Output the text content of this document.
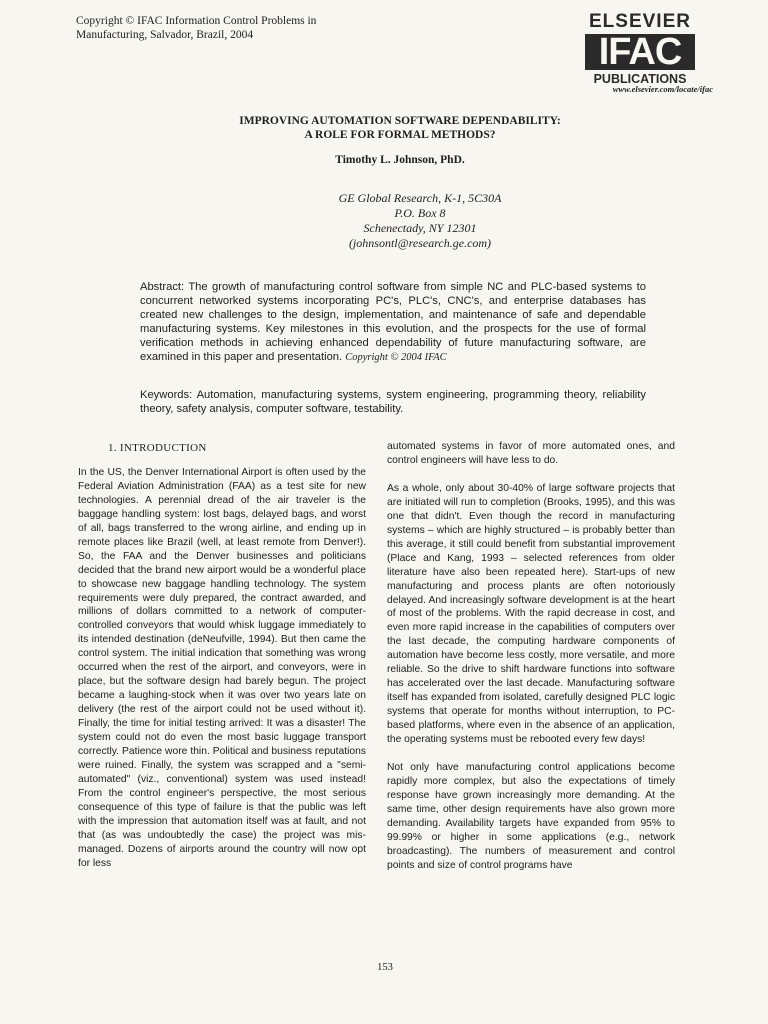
Copyright © IFAC Information Control Problems in
Manufacturing, Salvador, Brazil, 2004
ELSEVIER
IFAC
PUBLICATIONS
www.elsevier.com/locate/ifac
IMPROVING AUTOMATION SOFTWARE DEPENDABILITY:
A ROLE FOR FORMAL METHODS?
Timothy L. Johnson, PhD.
GE Global Research, K-1, 5C30A
P.O. Box 8
Schenectady, NY 12301
(johnsontl@research.ge.com)
Abstract: The growth of manufacturing control software from simple NC and PLC-based systems to concurrent networked systems incorporating PC's, PLC's, CNC's, and enterprise databases has created new challenges to the design, implementation, and maintenance of safe and dependable manufacturing systems. Key milestones in this evolution, and the prospects for the use of formal verification methods in achieving enhanced dependability of future manufacturing software, are examined in this paper and presentation. Copyright © 2004 IFAC
Keywords: Automation, manufacturing systems, system engineering, programming theory, reliability theory, safety analysis, computer software, testability.
1. INTRODUCTION

In the US, the Denver International Airport is often used by the Federal Aviation Administration (FAA) as a test site for new technologies. A perennial dread of the air traveler is the baggage handling system: lost bags, delayed bags, and worst of all, bags transferred to the wrong airline, and ending up in remote places like Brazil (well, at least remote from Denver!). So, the FAA and the Denver businesses and politicians decided that the brand new airport would be a wonderful place to showcase new baggage handling technology. The system requirements were duly prepared, the contract awarded, and millions of dollars committed to a network of computer-controlled conveyors that would whisk luggage immediately to its intended destination (deNeufville, 1994). But then came the control system. The initial indication that something was wrong occurred when the rest of the airport, and conveyors, were in place, but the software design had barely begun. The project became a laughing-stock when it was over two years late on delivery (the rest of the airport could not be used without it). Finally, the time for initial testing arrived: It was a disaster! The system could not do even the most basic luggage transport correctly. Patience wore thin. Political and business reputations were ruined. Finally, the system was scrapped and a "semi-automated" (viz., conventional) system was used instead! From the control engineer's perspective, the most serious consequence of this type of failure is that the public was left with the impression that automation itself was at fault, and not that (as was undoubtedly the case) the project was mis-managed. Dozens of airports around the country will now opt for less

automated systems in favor of more automated ones, and control engineers will have less to do.

As a whole, only about 30-40% of large software projects that are initiated will run to completion (Brooks, 1995), and this was one that didn't. Even though the record in manufacturing systems – which are highly structured – is probably better than this average, it still could benefit from substantial improvement (Place and Kang, 1993 – selected references from older literature have also been repeated here). Start-ups of new manufacturing and process plants are often notoriously delayed. And increasingly software development is at the heart of most of the problems. With the rapid decrease in cost, and even more rapid increase in the capabilities of computers over the last decade, the computing hardware components of automation have become less costly, more versatile, and more reliable. So the drive to shift hardware functions into software has accelerated over the last decade. Manufacturing software itself has expanded from isolated, carefully designed PLC logic systems that operate for months without interruption, to PC-based platforms, where even in the absence of an application, the operating systems must be rebooted every few days!

Not only have manufacturing control applications become rapidly more complex, but also the expectations of timely response have grown increasingly more demanding. At the same time, other design requirements have also grown more demanding. Availability targets have expanded from 95% to 99.99% or higher in some applications (e.g., network broadcasting). The numbers of measurement and control points and size of control programs have

153
